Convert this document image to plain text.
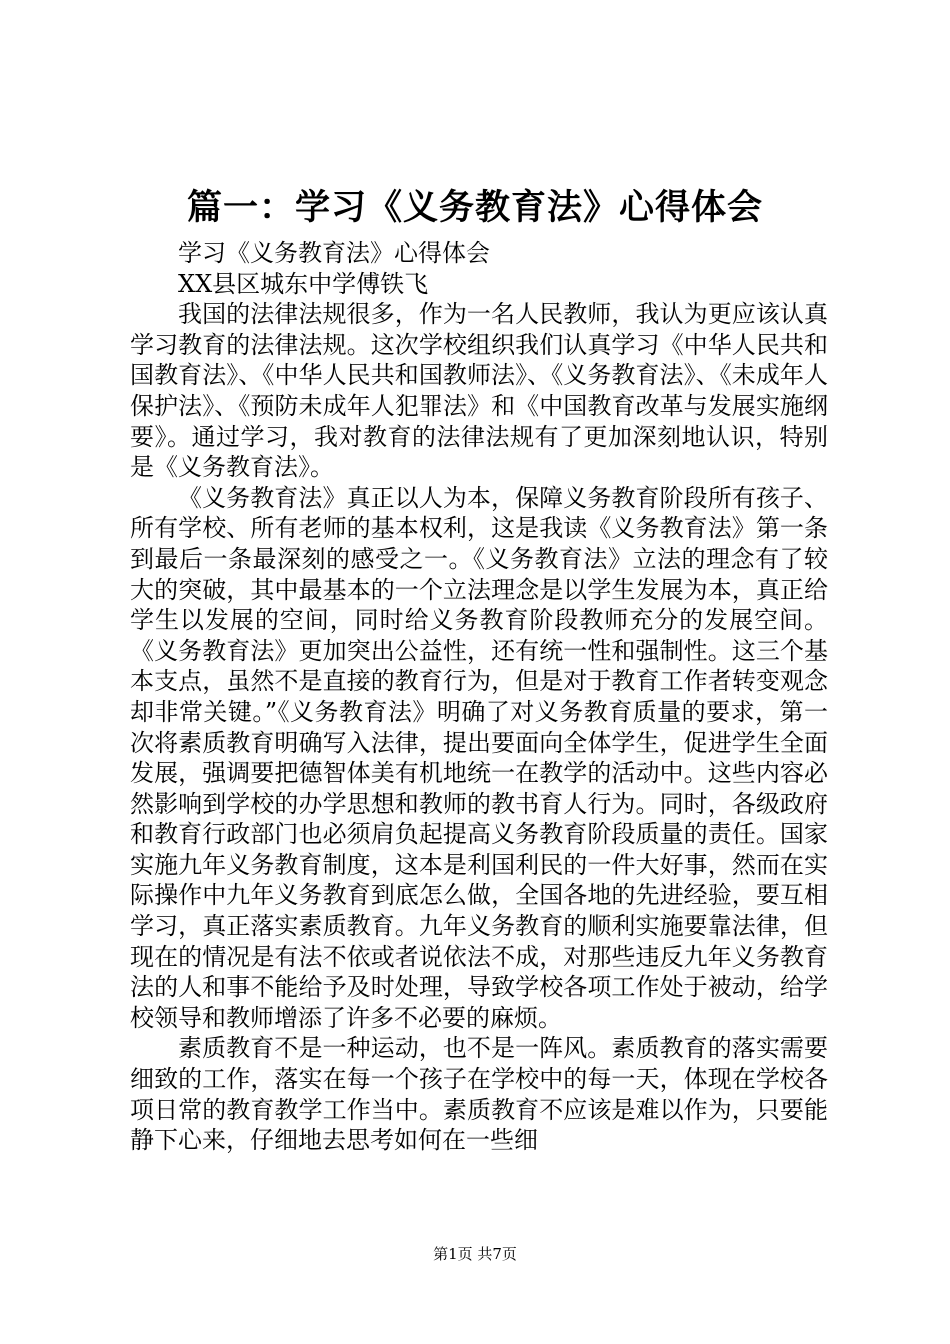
篇一：学习《义务教育法》心得体会

学习《义务教育法》心得体会

XX县区城东中学傅铁飞

我国的法律法规很多，作为一名人民教师，我认为更应该认真学习教育的法律法规。这次学校组织我们认真学习《中华人民共和国教育法》、《中华人民共和国教师法》、《义务教育法》、《未成年人保护法》、《预防未成年人犯罪法》和《中国教育改革与发展实施纲要》。通过学习，我对教育的法律法规有了更加深刻地认识，特别是《义务教育法》。

《义务教育法》真正以人为本，保障义务教育阶段所有孩子、所有学校、所有老师的基本权利，这是我读《义务教育法》第一条到最后一条最深刻的感受之一。《义务教育法》立法的理念有了较大的突破，其中最基本的一个立法理念是以学生发展为本，真正给学生以发展的空间，同时给义务教育阶段教师充分的发展空间。《义务教育法》更加突出公益性，还有统一性和强制性。这三个基本支点，虽然不是直接的教育行为，但是对于教育工作者转变观念却非常关键。”《义务教育法》明确了对义务教育质量的要求，第一次将素质教育明确写入法律，提出要面向全体学生，促进学生全面发展，强调要把德智体美有机地统一在教学的活动中。这些内容必然影响到学校的办学思想和教师的教书育人行为。同时，各级政府和教育行政部门也必须肩负起提高义务教育阶段质量的责任。国家实施九年义务教育制度，这本是利国利民的一件大好事，然而在实际操作中九年义务教育到底怎么做，全国各地的先进经验，要互相学习，真正落实素质教育。九年义务教育的顺利实施要靠法律，但现在的情况是有法不依或者说依法不成，对那些违反九年义务教育法的人和事不能给予及时处理，导致学校各项工作处于被动，给学校领导和教师增添了许多不必要的麻烦。

素质教育不是一种运动，也不是一阵风。素质教育的落实需要细致的工作，落实在每一个孩子在学校中的每一天，体现在学校各项日常的教育教学工作当中。素质教育不应该是难以作为，只要能静下心来，仔细地去思考如何在一些细

第1页 共7页
